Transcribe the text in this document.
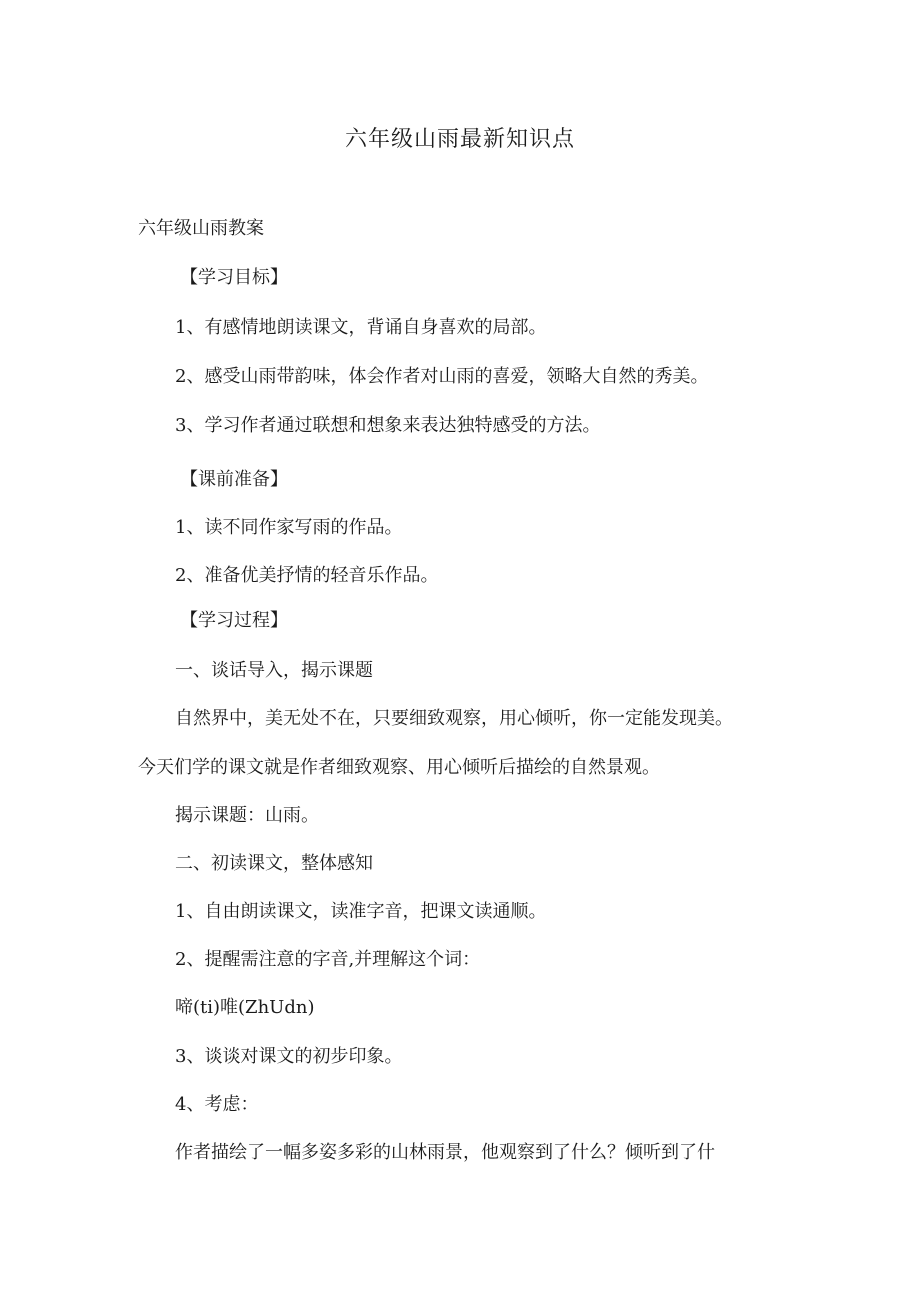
六年级山雨最新知识点
六年级山雨教案
【学习目标】
1、有感情地朗读课文，背诵自身喜欢的局部。
2、感受山雨带韵味，体会作者对山雨的喜爱，领略大自然的秀美。
3、学习作者通过联想和想象来表达独特感受的方法。
【课前准备】
1、读不同作家写雨的作品。
2、准备优美抒情的轻音乐作品。
【学习过程】
一、谈话导入，揭示课题
自然界中，美无处不在，只要细致观察，用心倾听，你一定能发现美。
今天们学的课文就是作者细致观察、用心倾听后描绘的自然景观。
揭示课题：山雨。
二、初读课文，整体感知
1、自由朗读课文，读准字音，把课文读通顺。
2、提醒需注意的字音,并理解这个词：
啼(ti)唯(ZhUdn)
3、谈谈对课文的初步印象。
4、考虑：
作者描绘了一幅多姿多彩的山林雨景，他观察到了什么？倾听到了什
